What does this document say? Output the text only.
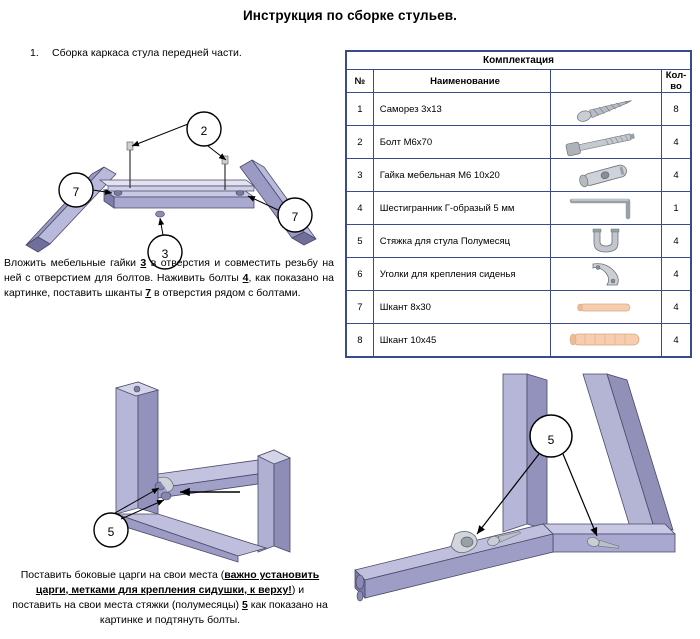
Инструкция по сборке стульев.
1. Сборка каркаса стула передней части.
2
7
7
3
Вложить мебельные гайки 3 в отверстия и совместить резьбу на ней с отверстием для болтов. Наживить болты 4, как показано на картинке, поставить шканты 7 в отверстия рядом с болтами.
Комплектация			
№	Наименование		Кол-во
1	Саморез 3х13		8
2	Болт М6х70		4
3	Гайка мебельная М6 10х20		4
4	Шестигранник Г-образый 5 мм		1
5	Стяжка для стула Полумесяц		4
6	Уголки для крепления сиденья		4
7	Шкант 8х30		4
8	Шкант 10х45		4
5
5
Поставить боковые царги на свои места (важно установить царги, метками для крепления сидушки, к верху!) и поставить на свои места стяжки (полумесяцы) 5 как показано на картинке и подтянуть болты.
